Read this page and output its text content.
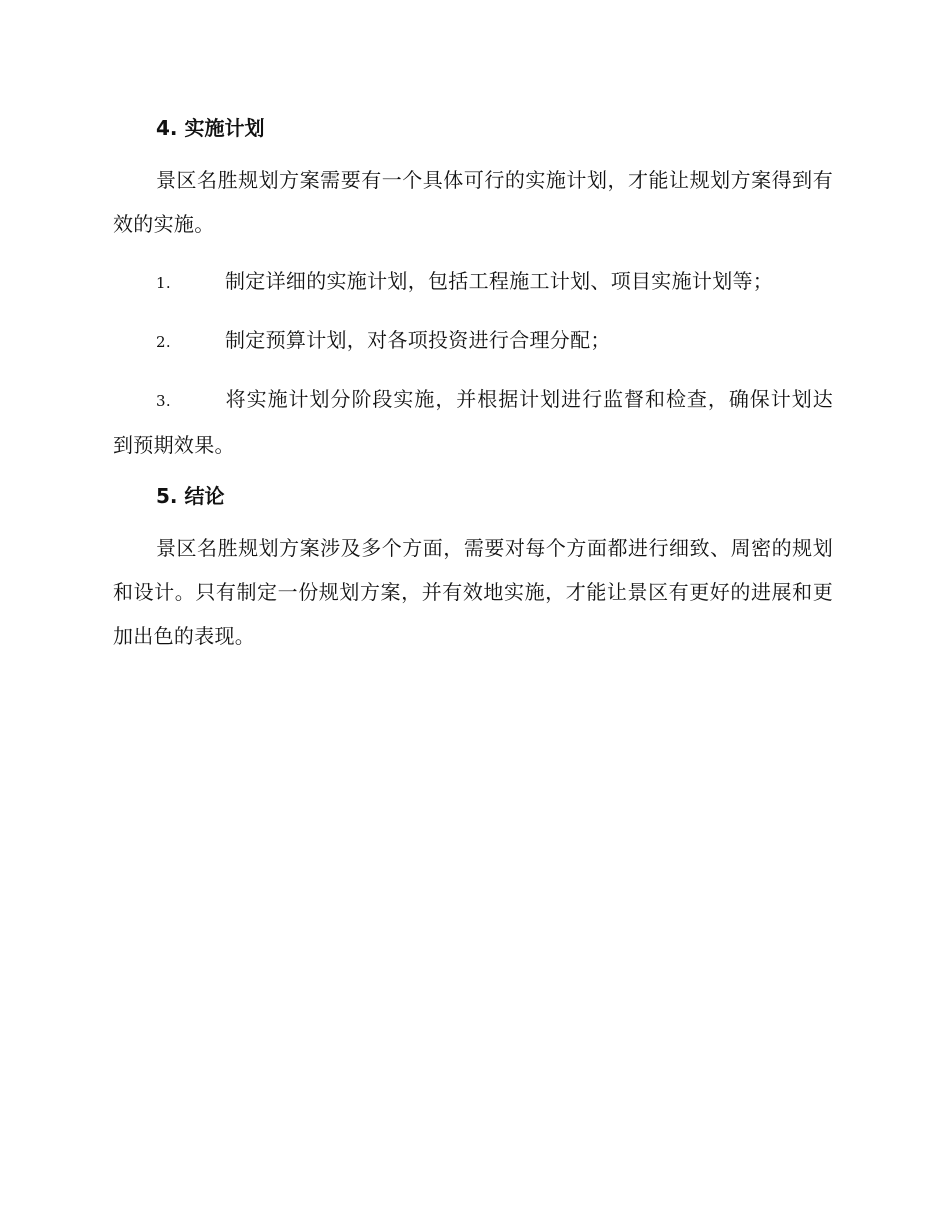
4. 实施计划

景区名胜规划方案需要有一个具体可行的实施计划，才能让规划方案得到有效的实施。

1.	制定详细的实施计划，包括工程施工计划、项目实施计划等；

2.	制定预算计划，对各项投资进行合理分配；

3.	将实施计划分阶段实施，并根据计划进行监督和检查，确保计划达到预期效果。

5. 结论

景区名胜规划方案涉及多个方面，需要对每个方面都进行细致、周密的规划和设计。只有制定一份规划方案，并有效地实施，才能让景区有更好的进展和更加出色的表现。
